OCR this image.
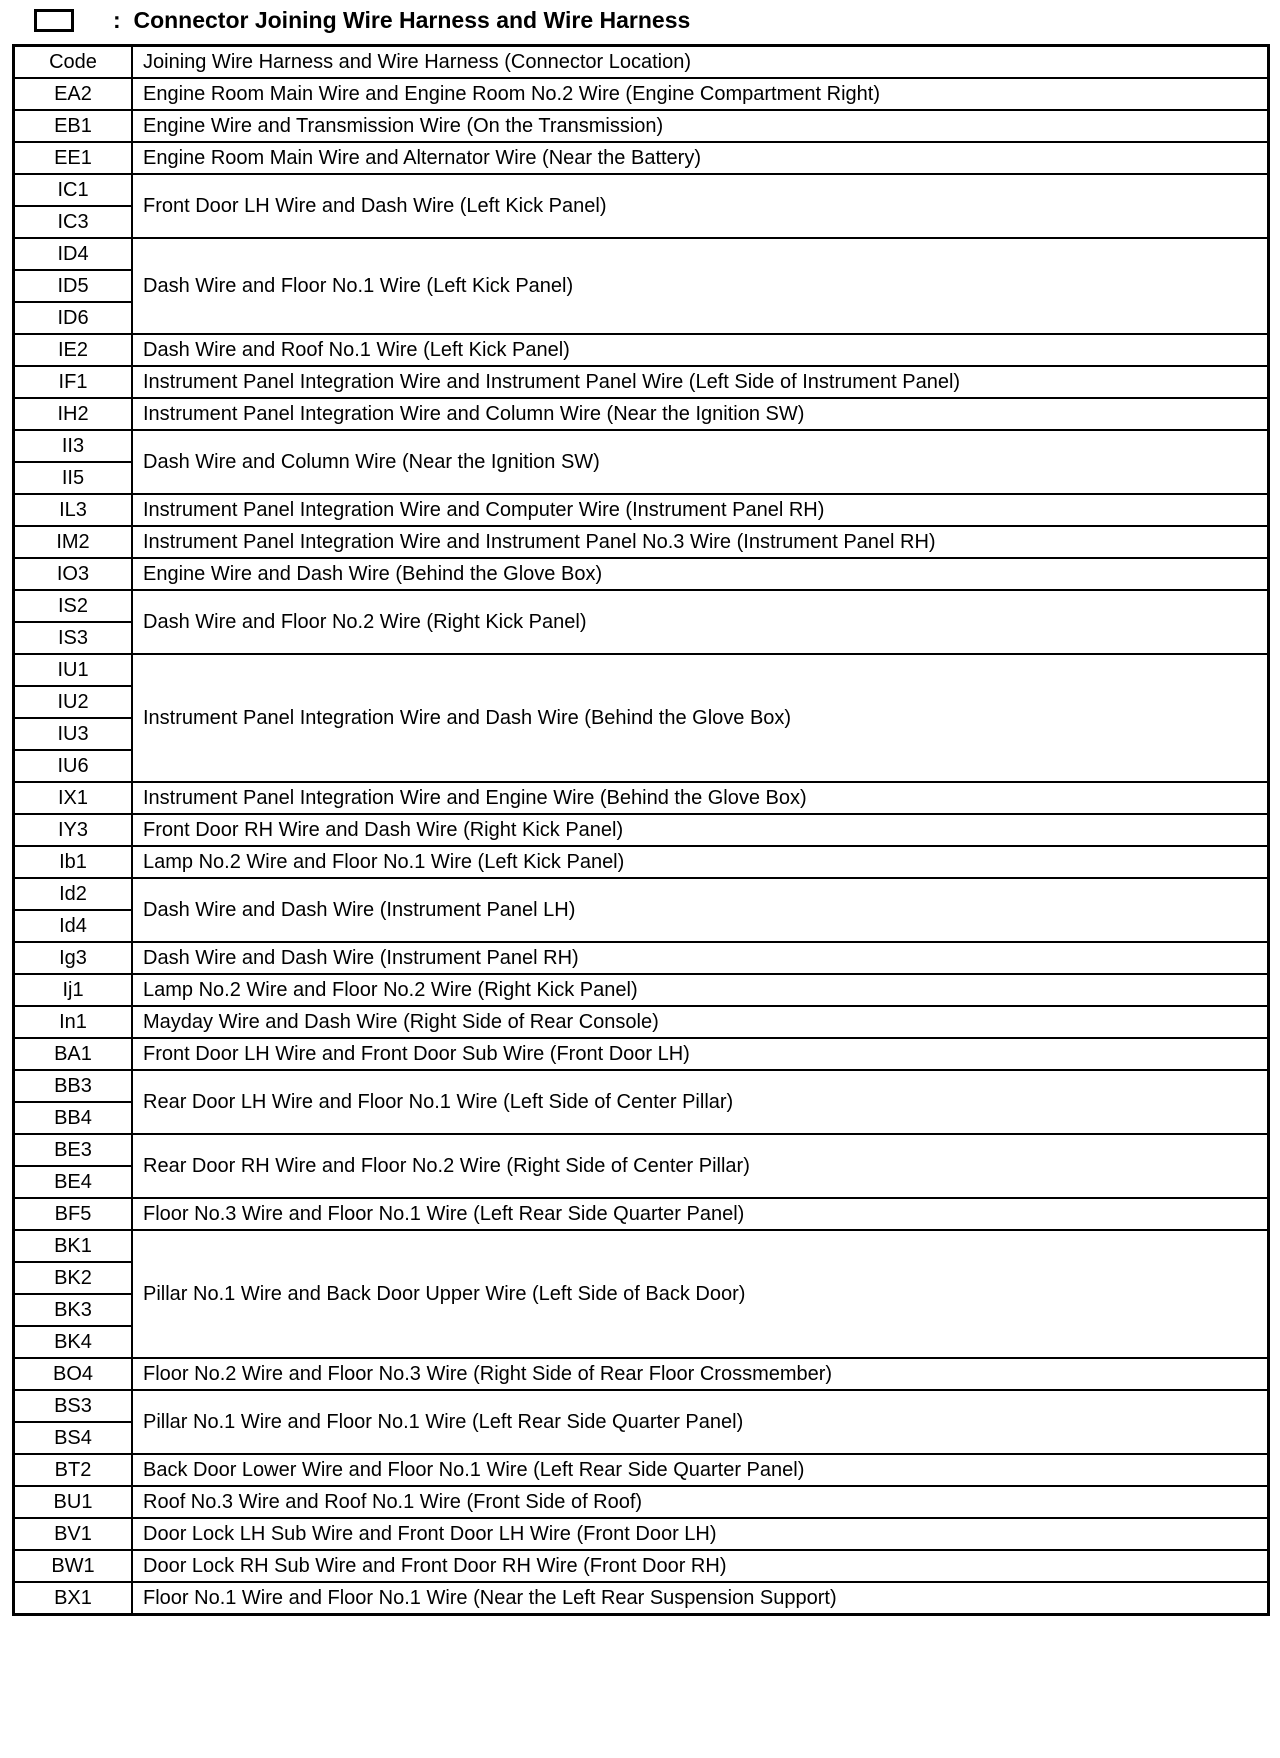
: Connector Joining Wire Harness and Wire Harness
Code	Joining Wire Harness and Wire Harness (Connector Location)
EA2	Engine Room Main Wire and Engine Room No.2 Wire (Engine Compartment Right)
EB1	Engine Wire and Transmission Wire (On the Transmission)
EE1	Engine Room Main Wire and Alternator Wire (Near the Battery)
IC1	Front Door LH Wire and Dash Wire (Left Kick Panel)
IC3	
ID4	Dash Wire and Floor No.1 Wire (Left Kick Panel)
ID5	
ID6	
IE2	Dash Wire and Roof No.1 Wire (Left Kick Panel)
IF1	Instrument Panel Integration Wire and Instrument Panel Wire (Left Side of Instrument Panel)
IH2	Instrument Panel Integration Wire and Column Wire (Near the Ignition SW)
II3	Dash Wire and Column Wire (Near the Ignition SW)
II5	
IL3	Instrument Panel Integration Wire and Computer Wire (Instrument Panel RH)
IM2	Instrument Panel Integration Wire and Instrument Panel No.3 Wire (Instrument Panel RH)
IO3	Engine Wire and Dash Wire (Behind the Glove Box)
IS2	Dash Wire and Floor No.2 Wire (Right Kick Panel)
IS3	
IU1	Instrument Panel Integration Wire and Dash Wire (Behind the Glove Box)
IU2	
IU3	
IU6	
IX1	Instrument Panel Integration Wire and Engine Wire (Behind the Glove Box)
IY3	Front Door RH Wire and Dash Wire (Right Kick Panel)
Ib1	Lamp No.2 Wire and Floor No.1 Wire (Left Kick Panel)
Id2	Dash Wire and Dash Wire (Instrument Panel LH)
Id4	
Ig3	Dash Wire and Dash Wire (Instrument Panel RH)
Ij1	Lamp No.2 Wire and Floor No.2 Wire (Right Kick Panel)
In1	Mayday Wire and Dash Wire (Right Side of Rear Console)
BA1	Front Door LH Wire and Front Door Sub Wire (Front Door LH)
BB3	Rear Door LH Wire and Floor No.1 Wire (Left Side of Center Pillar)
BB4	
BE3	Rear Door RH Wire and Floor No.2 Wire (Right Side of Center Pillar)
BE4	
BF5	Floor No.3 Wire and Floor No.1 Wire (Left Rear Side Quarter Panel)
BK1	Pillar No.1 Wire and Back Door Upper Wire (Left Side of Back Door)
BK2	
BK3	
BK4	
BO4	Floor No.2 Wire and Floor No.3 Wire (Right Side of Rear Floor Crossmember)
BS3	Pillar No.1 Wire and Floor No.1 Wire (Left Rear Side Quarter Panel)
BS4	
BT2	Back Door Lower Wire and Floor No.1 Wire (Left Rear Side Quarter Panel)
BU1	Roof No.3 Wire and Roof No.1 Wire (Front Side of Roof)
BV1	Door Lock LH Sub Wire and Front Door LH Wire (Front Door LH)
BW1	Door Lock RH Sub Wire and Front Door RH Wire (Front Door RH)
BX1	Floor No.1 Wire and Floor No.1 Wire (Near the Left Rear Suspension Support)
